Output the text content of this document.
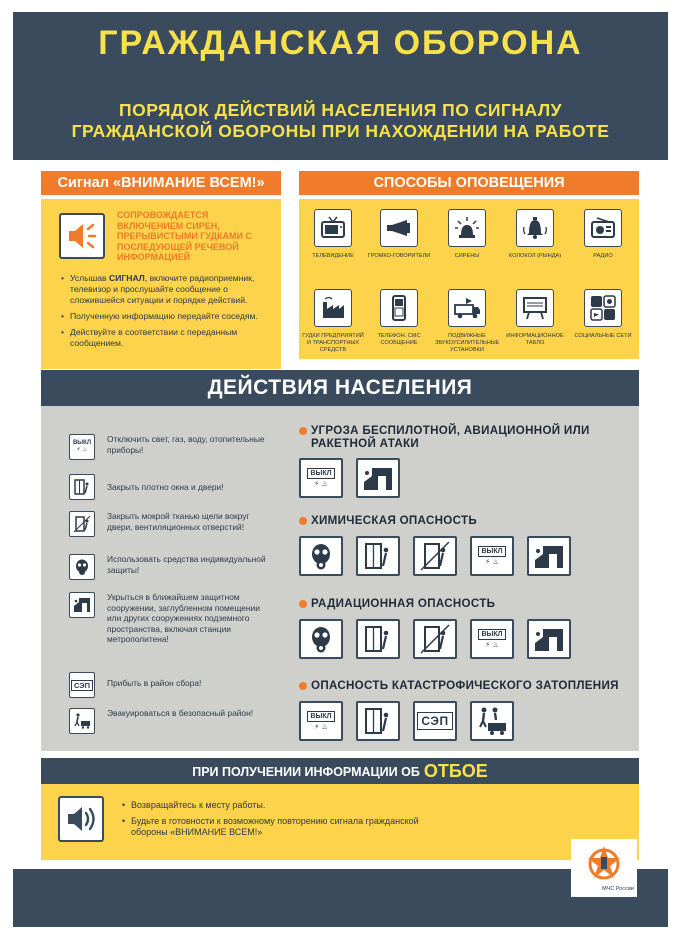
ГРАЖДАНСКАЯ ОБОРОНА
ПОРЯДОК ДЕЙСТВИЙ НАСЕЛЕНИЯ ПО СИГНАЛУ
ГРАЖДАНСКОЙ ОБОРОНЫ ПРИ НАХОЖДЕНИИ НА РАБОТЕ
Сигнал «ВНИМАНИЕ ВСЕМ!»
СОПРОВОЖДАЕТСЯ ВКЛЮЧЕНИЕМ СИРЕН, ПРЕРЫВИСТЫМИ ГУДКАМИ С ПОСЛЕДУЮЩЕЙ РЕЧЕВОЙ ИНФОРМАЦИЕЙ
• Услышав СИГНАЛ, включите радиоприемник, телевизор и прослушайте сообщение о сложившейся ситуации и порядке действий.
• Полученную информацию передайте соседям.
• Действуйте в соответствии с переданным сообщением.
СПОСОБЫ ОПОВЕЩЕНИЯ
ТЕЛЕВИДЕНИЕ	ГРОМКО-ГОВОРИТЕЛИ	СИРЕНЫ	КОЛОКОЛ (РЫНДА)	РАДИО
ГУДКИ ПРЕДПРИЯТИЙ И ТРАНСПОРТНЫХ СРЕДСТВ
ТЕЛЕФОН. СМС СООБЩЕНИЕ
ПОДВИЖНЫЕ ЗВУКОУСИЛИТЕЛЬНЫЕ УСТАНОВКИ
ИНФОРМАЦИОННОЕ ТАБЛО
СОЦИАЛЬНЫЕ СЕТИ
ДЕЙСТВИЯ НАСЕЛЕНИЯ
ВЫКЛ
⚡ ♨
Отключить свет, газ, воду, отопительные приборы!
Закрыть плотно окна и двери!
Закрыть мокрой тканью щели вокруг двери, вентиляционных отверстий!
Использовать средства индивидуальной защиты!
Укрыться в ближайшем защитном сооружении, заглубленном помещении или других сооружениях подземного пространства, включая станции метрополитена!
СЭП	Прибыть в район сбора!
Эвакуироваться в безопасный район!
УГРОЗА БЕСПИЛОТНОЙ, АВИАЦИОННОЙ ИЛИ РАКЕТНОЙ АТАКИ
ВЫКЛ
⚡ ♨
ХИМИЧЕСКАЯ ОПАСНОСТЬ
ВЫКЛ
⚡ ♨
РАДИАЦИОННАЯ ОПАСНОСТЬ
ВЫКЛ
⚡ ♨
ОПАСНОСТЬ КАТАСТРОФИЧЕСКОГО ЗАТОПЛЕНИЯ
ВЫКЛ
⚡ ♨	СЭП
ПРИ ПОЛУЧЕНИИ ИНФОРМАЦИИ ОБ ОТБОЕ
• Возвращайтесь к месту работы.
• Будьте в готовности к возможному повторению сигнала гражданской обороны «ВНИМАНИЕ ВСЕМ!»
МЧС России
